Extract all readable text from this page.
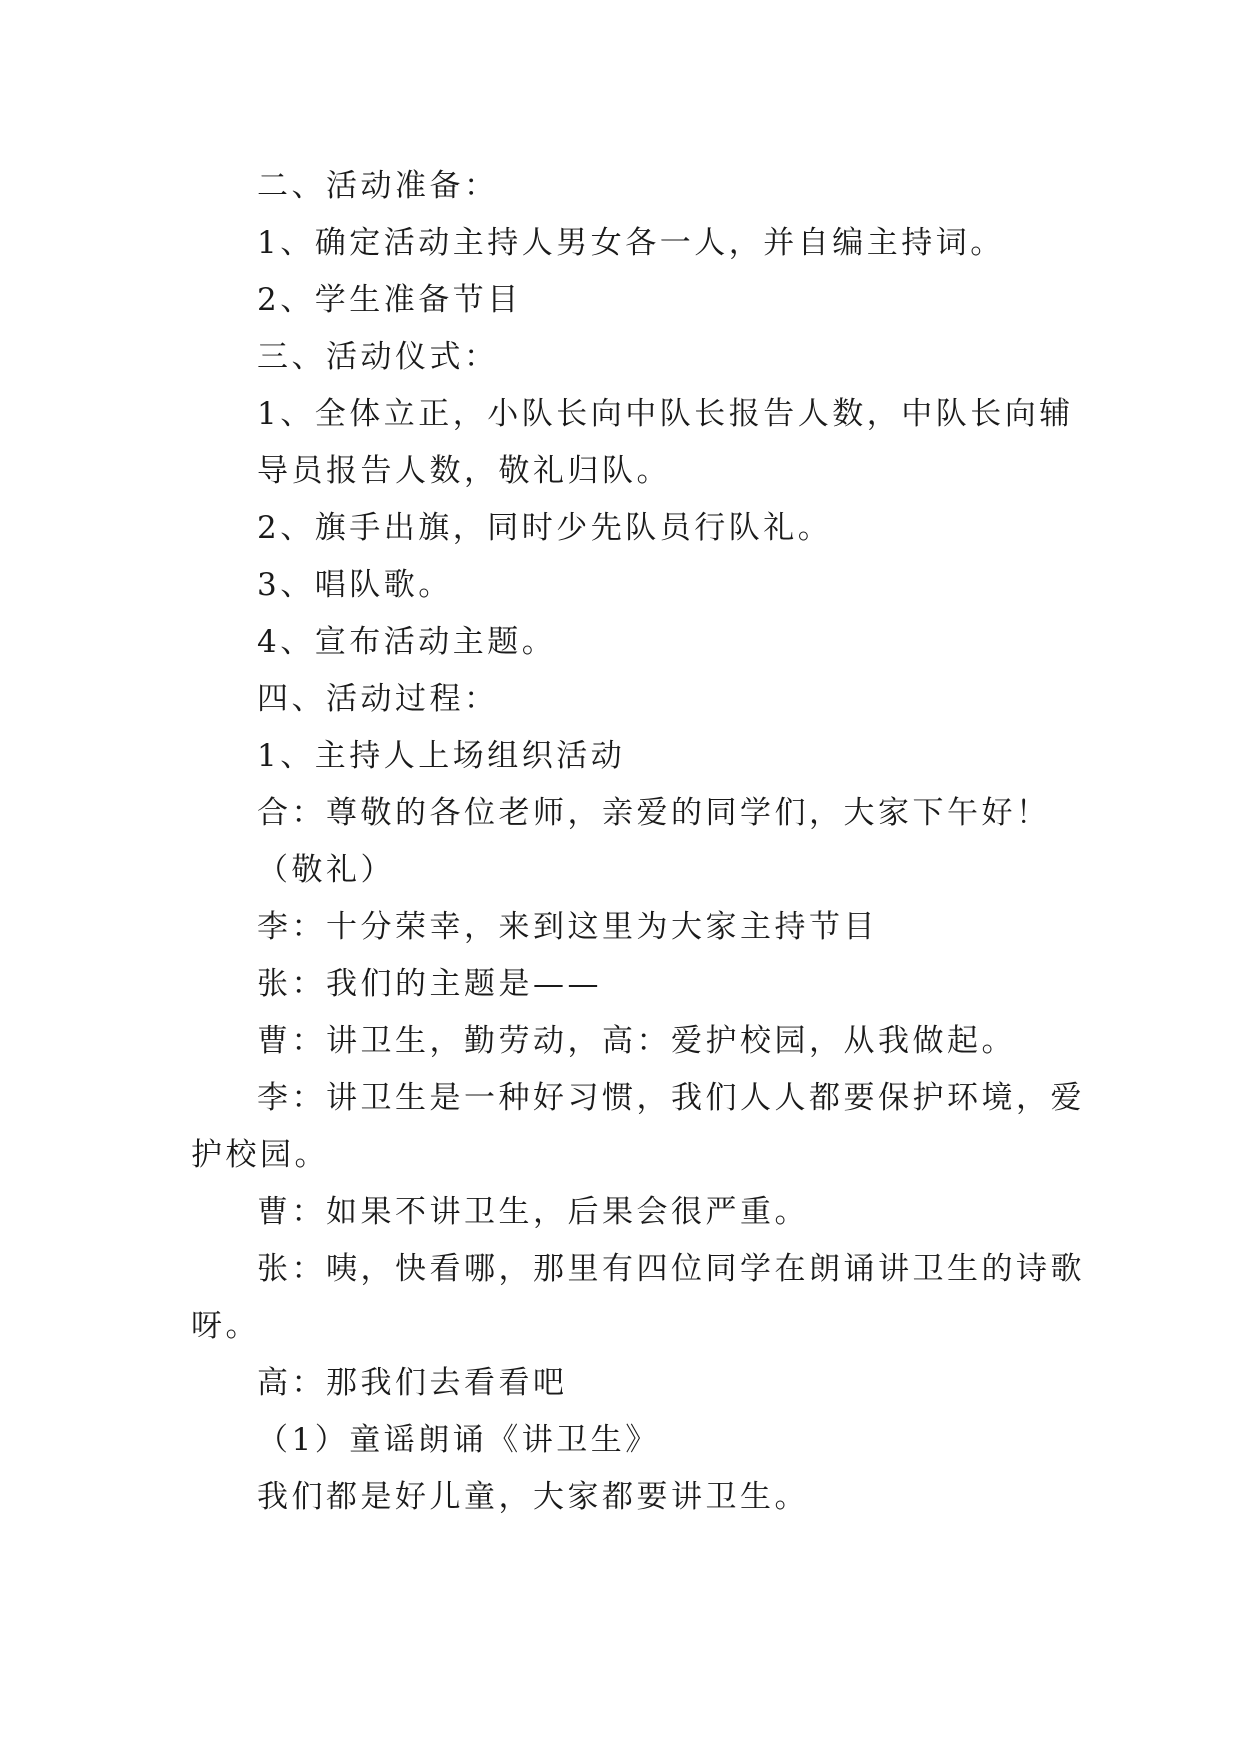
二、活动准备：
1、确定活动主持人男女各一人，并自编主持词。
2、学生准备节目
三、活动仪式：
1、全体立正，小队长向中队长报告人数，中队长向辅
导员报告人数，敬礼归队。
2、旗手出旗，同时少先队员行队礼。
3、唱队歌。
4、宣布活动主题。
四、活动过程：
1、主持人上场组织活动
合：尊敬的各位老师，亲爱的同学们，大家下午好！
（敬礼）
李：十分荣幸，来到这里为大家主持节目
张：我们的主题是——
曹：讲卫生，勤劳动，高：爱护校园，从我做起。
李：讲卫生是一种好习惯，我们人人都要保护环境，爱
护校园。
曹：如果不讲卫生，后果会很严重。
张：咦，快看哪，那里有四位同学在朗诵讲卫生的诗歌
呀。
高：那我们去看看吧
（1）童谣朗诵《讲卫生》
我们都是好儿童，大家都要讲卫生。
